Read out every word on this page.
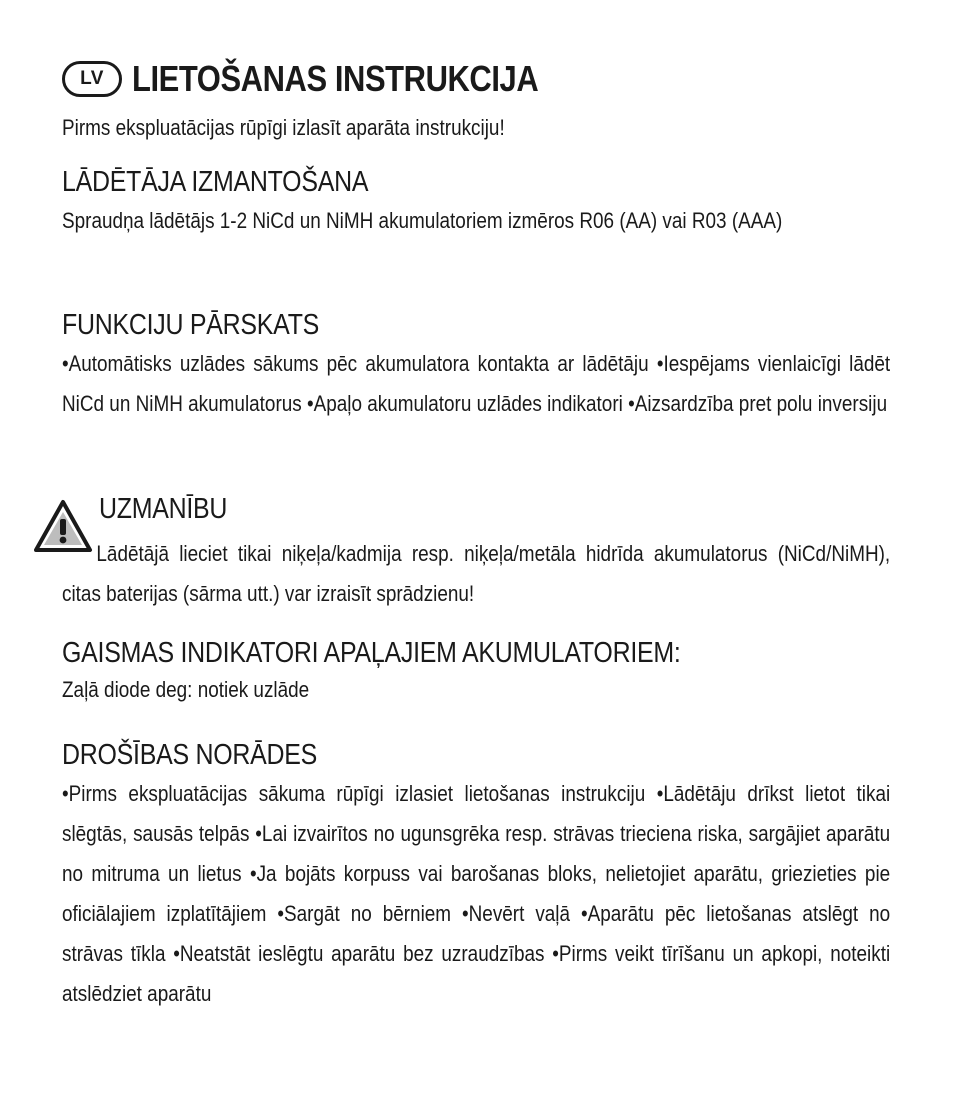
LV LIETOŠANAS INSTRUKCIJA
Pirms ekspluatācijas rūpīgi izlasīt aparāta instrukciju!
LĀDĒTĀJA IZMANTOŠANA
Spraudņa lādētājs 1-2 NiCd un NiMH akumulatoriem izmēros R06 (AA) vai R03 (AAA)
FUNKCIJU PĀRSKATS
•Automātisks uzlādes sākums pēc akumulatora kontakta ar lādētāju •Iespējams vienlaicīgi lādēt NiCd un NiMH akumulatorus •Apaļo akumulatoru uzlādes indikatori •Aizsardzība pret polu inversiju
UZMANĪBU
Lādētājā lieciet tikai niķeļa/kadmija resp. niķeļa/metāla hidrīda akumulatorus (NiCd/NiMH), citas baterijas (sārma utt.) var izraisīt sprādzienu!
GAISMAS INDIKATORI APAĻAJIEM AKUMULATORIEM:
Zaļā diode deg: notiek uzlāde
DROŠĪBAS NORĀDES
•Pirms ekspluatācijas sākuma rūpīgi izlasiet lietošanas instrukciju •Lādētāju drīkst lietot tikai slēgtās, sausās telpās •Lai izvairītos no ugunsgrēka resp. strāvas trieciena riska, sargājiet aparātu no mitruma un lietus •Ja bojāts korpuss vai barošanas bloks, nelietojiet aparātu, griezieties pie oficiālajiem izplatītājiem •Sargāt no bērniem •Nevērt vaļā •Aparātu pēc lietošanas atslēgt no strāvas tīkla •Neatstāt ieslēgtu aparātu bez uzraudzības •Pirms veikt tīrīšanu un apkopi, noteikti atslēdziet aparātu
